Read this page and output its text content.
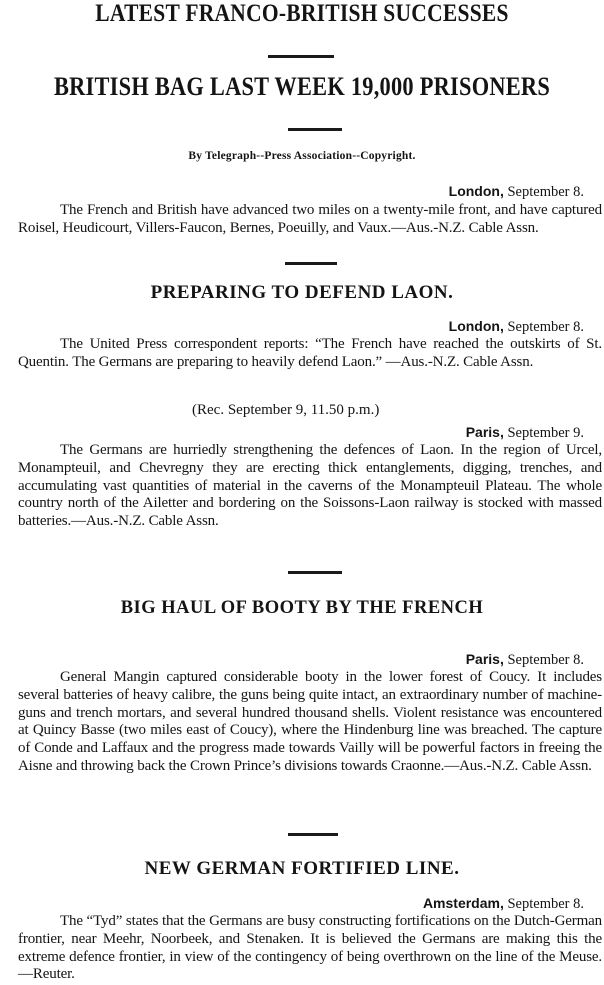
LATEST FRANCO-BRITISH SUCCESSES
BRITISH BAG LAST WEEK 19,000 PRISONERS
By Telegraph--Press Association--Copyright.
London, September 8.

The French and British have advanced two miles on a twenty-mile front, and have captured Roisel, Heudicourt, Villers-Faucon, Bernes, Poeuilly, and Vaux.—Aus.-N.Z. Cable Assn.

PREPARING TO DEFEND LAON.
London, September 8.

The United Press correspondent reports: “The French have reached the outskirts of St. Quentin. The Germans are preparing to heavily defend Laon.” —Aus.-N.Z. Cable Assn.

(Rec. September 9, 11.50 p.m.)
Paris, September 9.

The Germans are hurriedly strengthening the defences of Laon. In the region of Urcel, Monampteuil, and Chevregny they are erecting thick entanglements, digging, trenches, and accumulating vast quantities of material in the caverns of the Monampteuil Plateau. The whole country north of the Ailetter and bordering on the Soissons-Laon railway is stocked with massed batteries.—Aus.-N.Z. Cable Assn.

BIG HAUL OF BOOTY BY THE FRENCH
Paris, September 8.

General Mangin captured considerable booty in the lower forest of Coucy. It includes several batteries of heavy calibre, the guns being quite intact, an extraordinary number of machine-guns and trench mortars, and several hundred thousand shells. Violent resistance was encountered at Quincy Basse (two miles east of Coucy), where the Hindenburg line was breached. The capture of Conde and Laffaux and the progress made towards Vailly will be powerful factors in freeing the Aisne and throwing back the Crown Prince’s divisions towards Craonne.—Aus.-N.Z. Cable Assn.

NEW GERMAN FORTIFIED LINE.
Amsterdam, September 8.

The “Tyd” states that the Germans are busy constructing fortifications on the Dutch-German frontier, near Meehr, Noorbeek, and Stenaken. It is believed the Germans are making this the extreme defence frontier, in view of the contingency of being overthrown on the line of the Meuse.—Reuter.
